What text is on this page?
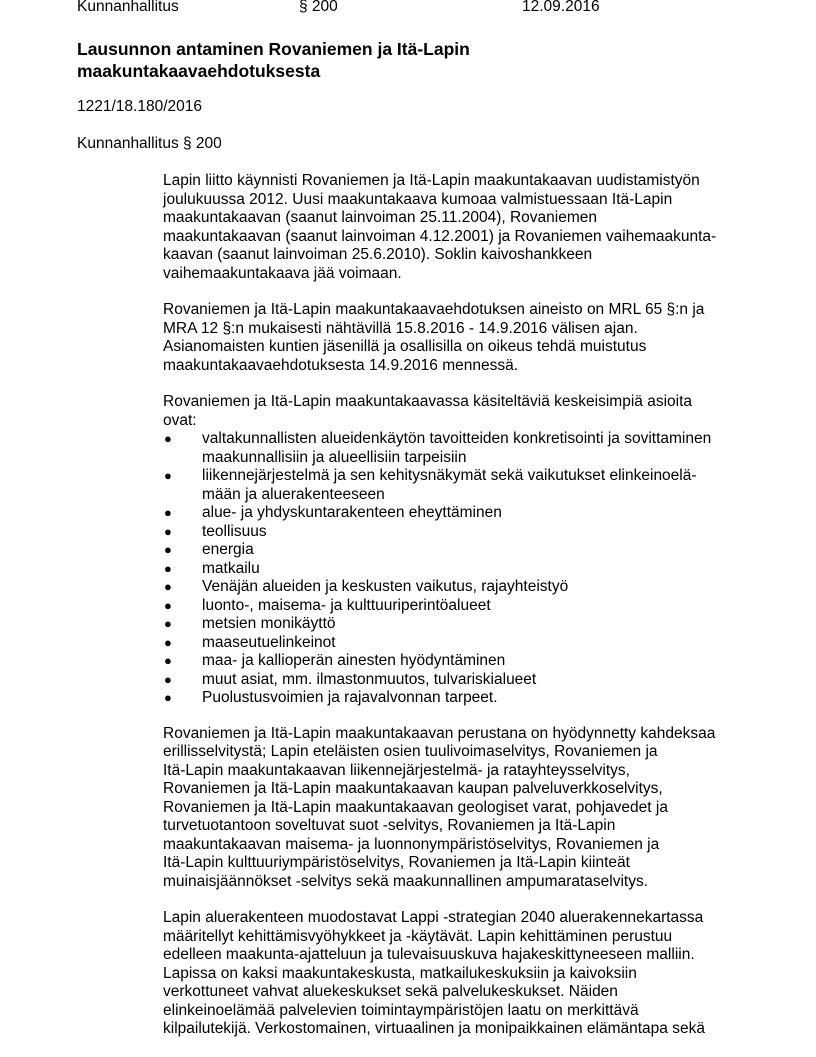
Kunnanhallitus	§ 200	12.09.2016
Lausunnon antaminen Rovaniemen ja Itä-Lapin
maakuntakaavaehdotuksesta
1221/18.180/2016
Kunnanhallitus § 200

Lapin liitto käynnisti Rovaniemen ja Itä-Lapin maakuntakaavan uudistamistyön
joulukuussa 2012. Uusi maakuntakaava kumoaa valmistuessaan Itä-Lapin
maakuntakaavan (saanut lainvoiman 25.11.2004), Rovaniemen
maakuntakaavan (saanut lainvoiman 4.12.2001) ja Rovaniemen vaihemaakunta-
kaavan (saanut lainvoiman 25.6.2010). Soklin kaivoshankkeen
vaihemaakuntakaava jää voimaan.

Rovaniemen ja Itä-Lapin maakuntakaavaehdotuksen aineisto on MRL 65 §:n ja
MRA 12 §:n mukaisesti nähtävillä 15.8.2016 - 14.9.2016 välisen ajan.
Asianomaisten kuntien jäsenillä ja osallisilla on oikeus tehdä muistutus
maakuntakaavaehdotuksesta 14.9.2016 mennessä.

Rovaniemen ja Itä-Lapin maakuntakaavassa käsiteltäviä keskeisimpiä asioita
ovat:

● valtakunnallisten alueidenkäytön tavoitteiden konkretisointi ja sovittaminen
maakunnallisiin ja alueellisiin tarpeisiin
● liikennejärjestelmä ja sen kehitysnäkymät sekä vaikutukset elinkeinoelä-
mään ja aluerakenteeseen
● alue- ja yhdyskuntarakenteen eheyttäminen
● teollisuus
● energia
● matkailu
● Venäjän alueiden ja keskusten vaikutus, rajayhteistyö
● luonto-, maisema- ja kulttuuriperintöalueet
● metsien monikäyttö
● maaseutuelinkeinot
● maa- ja kallioperän ainesten hyödyntäminen
● muut asiat, mm. ilmastonmuutos, tulvariskialueet
● Puolustusvoimien ja rajavalvonnan tarpeet.

Rovaniemen ja Itä-Lapin maakuntakaavan perustana on hyödynnetty kahdeksaa
erillisselvitystä; Lapin eteläisten osien tuulivoimaselvitys, Rovaniemen ja
Itä-Lapin maakuntakaavan liikennejärjestelmä- ja ratayhteysselvitys,
Rovaniemen ja Itä-Lapin maakuntakaavan kaupan palveluverkkoselvitys,
Rovaniemen ja Itä-Lapin maakuntakaavan geologiset varat, pohjavedet ja
turvetuotantoon soveltuvat suot -selvitys, Rovaniemen ja Itä-Lapin
maakuntakaavan maisema- ja luonnonympäristöselvitys, Rovaniemen ja
Itä-Lapin kulttuuriympäristöselvitys, Rovaniemen ja Itä-Lapin kiinteät
muinaisjäännökset -selvitys sekä maakunnallinen ampumarataselvitys.

Lapin aluerakenteen muodostavat Lappi -strategian 2040 aluerakennekartassa
määritellyt kehittämisvyöhykkeet ja -käytävät. Lapin kehittäminen perustuu
edelleen maakunta-ajatteluun ja tulevaisuuskuva hajakeskittyneeseen malliin.
Lapissa on kaksi maakuntakeskusta, matkailukeskuksiin ja kaivoksiin
verkottuneet vahvat aluekeskukset sekä palvelukeskukset. Näiden
elinkeinoelämää palvelevien toimintaympäristöjen laatu on merkittävä
kilpailutekijä. Verkostomainen, virtuaalinen ja monipaikkainen elämäntapa sekä
